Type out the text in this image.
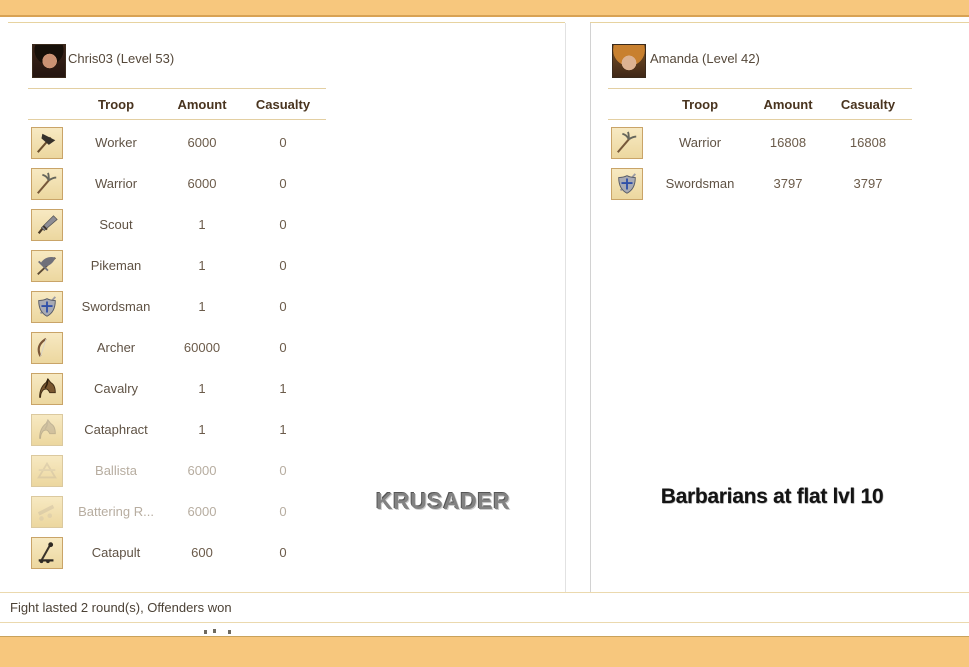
Chris03 (Level 53)
Troop	Amount	Casualty
Worker	6000	0
Warrior	6000	0
Scout	1	0
Pikeman	1	0
Swordsman	1	0
Archer	60000	0
Cavalry	1	1
Cataphract	1	1
Ballista	6000	0
Battering R...	6000	0
Catapult	600	0
Amanda (Level 42)
Troop	Amount	Casualty
Warrior	16808	16808
Swordsman	3797	3797
KRUSADER	Barbarians at flat lvl 10
Fight lasted 2 round(s), Offenders won
